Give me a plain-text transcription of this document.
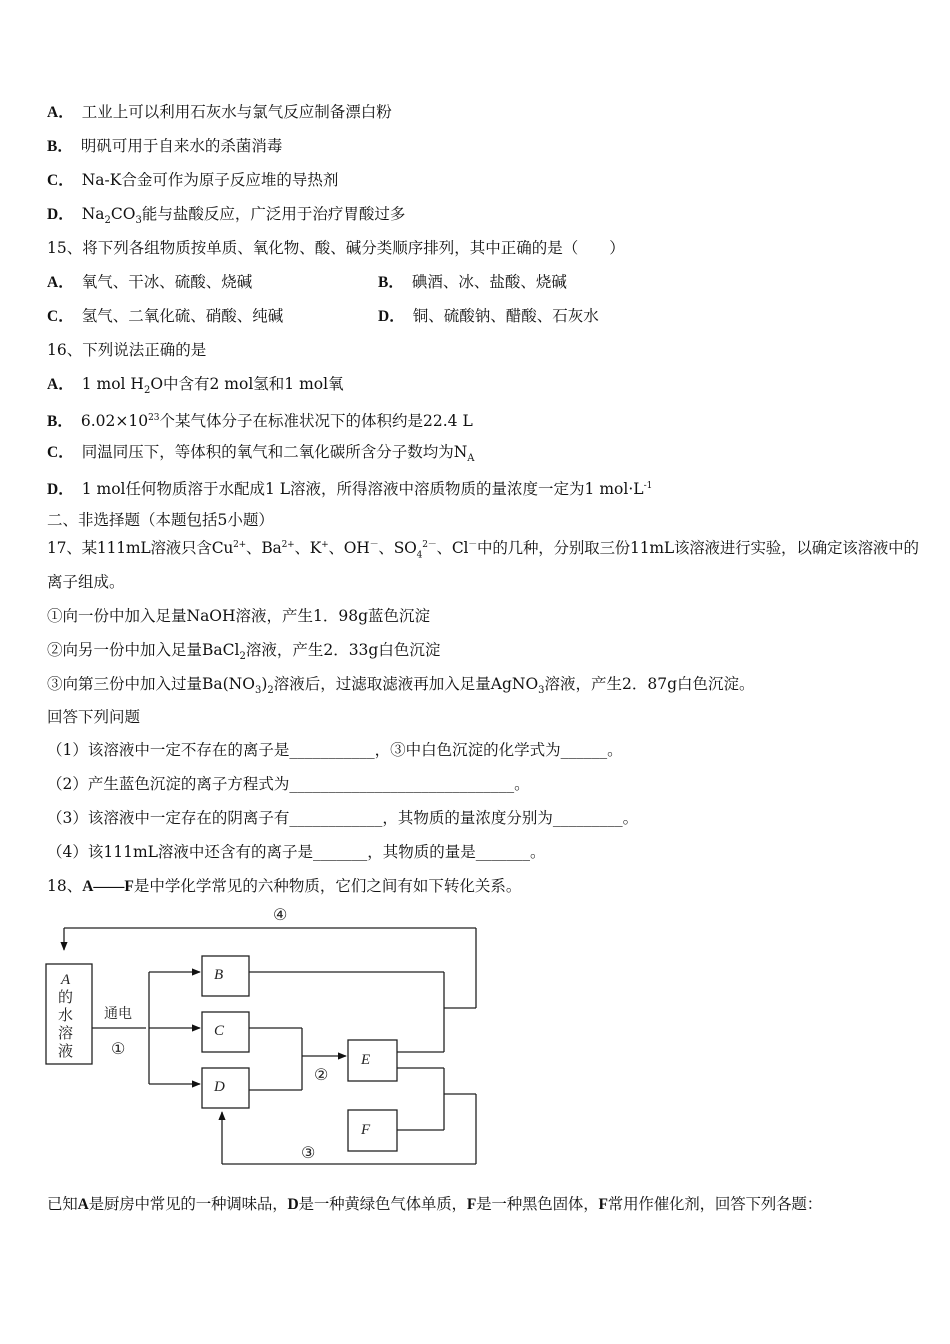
A． 工业上可以利用石灰水与氯气反应制备漂白粉
B． 明矾可用于自来水的杀菌消毒
C． Na-K合金可作为原子反应堆的导热剂
D． $Na_2CO_3$能与盐酸反应，广泛用于治疗胃酸过多
15、将下列各组物质按单质、氧化物、酸、碱分类顺序排列，其中正确的是（　　）
A． 氧气、干冰、硫酸、烧碱	B． 碘酒、冰、盐酸、烧碱
C． 氢气、二氧化硫、硝酸、纯碱	D． 铜、硫酸钠、醋酸、石灰水
16、下列说法正确的是
A． 1 mol $H_2O$中含有2 mol氢和1 mol氧
B． $6.02\times 10^{23}$个某气体分子在标准状况下的体积约是22.4 L
C． 同温同压下，等体积的氧气和二氧化碳所含分子数均为$N_A$
D． 1 mol任何物质溶于水配成1 L溶液，所得溶液中溶质物质的量浓度一定为1 $mol\cdot L^{-1}$
二、非选择题（本题包括5小题）
17、某111mL溶液只含$Cu^{2+}$、$Ba^{2+}$、K+、OH－、$SO_4^{2-}$、Cl－中的几种，分别取三份11mL该溶液进行实验，以确定该溶液中的
离子组成。
①向一份中加入足量NaOH溶液，产生1．98g蓝色沉淀
②向另一份中加入足量BaCl$_2$溶液，产生2．33g白色沉淀
③向第三份中加入过量$Ba(NO_3)_2$溶液后，过滤取滤液再加入足量AgNO$_3$溶液，产生2．87g白色沉淀。
回答下列问题
（1）该溶液中一定不存在的离子是___________，③中白色沉淀的化学式为______。
（2）产生蓝色沉淀的离子方程式为_____________________________。
（3）该溶液中一定存在的阴离子有____________，其物质的量浓度分别为_________。
（4）该111mL溶液中还含有的离子是_______，其物质的量是_______。
18、A——F是中学化学常见的六种物质，它们之间有如下转化关系。
A
的
水
溶
液
通电
①
②
③
④
B
C
D
E
F
已知A是厨房中常见的一种调味品，D是一种黄绿色气体单质，F是一种黑色固体，F常用作催化剂，回答下列各题：
